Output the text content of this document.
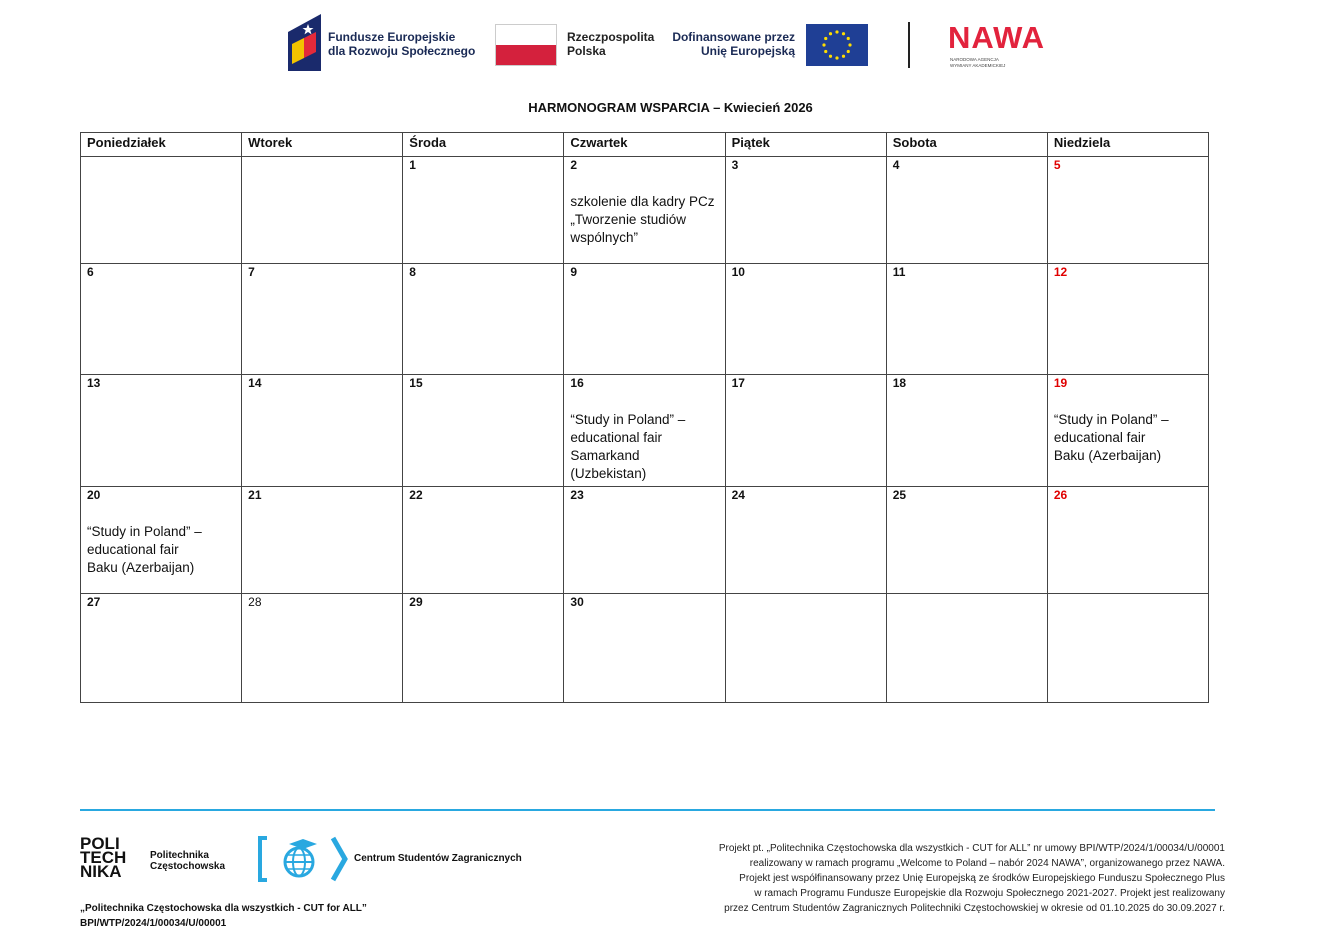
Fundusze Europejskie
dla Rozwoju Społecznego
Rzeczpospolita
Polska
Dofinansowane przez
Unię Europejską	NAWA
NARODOWA AGENCJA
WYMIANY AKADEMICKIEJ
HARMONOGRAM WSPARCIA – Kwiecień 2026
Poniedziałek	Wtorek	Środa	Czwartek	Piątek	Sobota	Niedziela

		1	2
szkolenie dla kadry PCz
„Tworzenie studiów
wspólnych”	3	4	5

6	7	8	9	10	11	12

13	14	15	16
“Study in Poland” –
educational fair
Samarkand (Uzbekistan)	17	18	19
“Study in Poland” –
educational fair
Baku (Azerbaijan)

20
“Study in Poland” –
educational fair
Baku (Azerbaijan)	21	22	23	24	25	26

27	28	29	30			

POLI
TECH
NIKA
Politechnika
Częstochowska
Centrum Studentów Zagranicznych
„Politechnika Częstochowska dla wszystkich - CUT for ALL”
BPI/WTP/2024/1/00034/U/00001
Projekt pt. „Politechnika Częstochowska dla wszystkich - CUT for ALL” nr umowy BPI/WTP/2024/1/00034/U/00001
realizowany w ramach programu „Welcome to Poland – nabór 2024 NAWA”, organizowanego przez NAWA.
Projekt jest współfinansowany przez Unię Europejską ze środków Europejskiego Funduszu Społecznego Plus
w ramach Programu Fundusze Europejskie dla Rozwoju Społecznego 2021-2027. Projekt jest realizowany
przez Centrum Studentów Zagranicznych Politechniki Częstochowskiej w okresie od 01.10.2025 do 30.09.2027 r.
